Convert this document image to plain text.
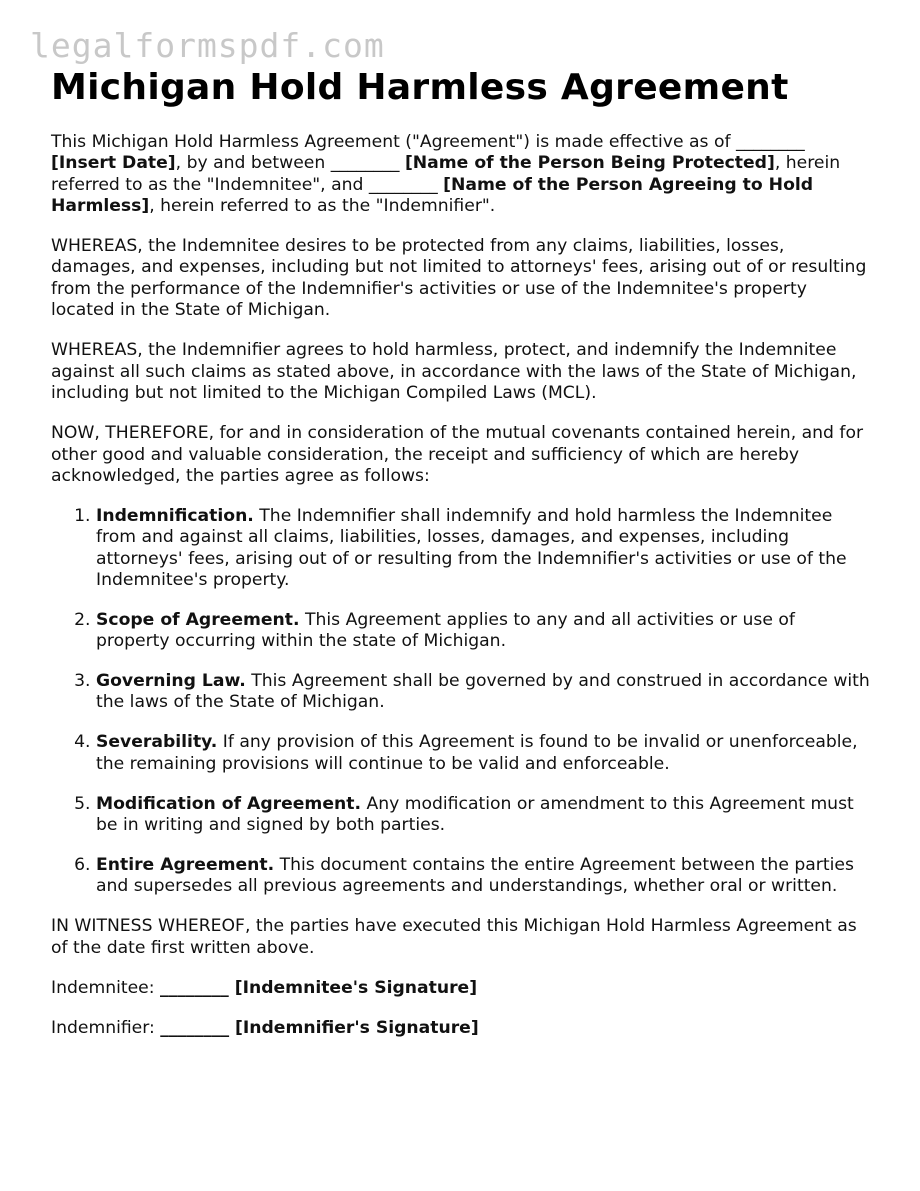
legalformspdf.com
Michigan Hold Harmless Agreement

This Michigan Hold Harmless Agreement ("Agreement") is made effective as of ________ [Insert Date], by and between ________ [Name of the Person Being Protected], herein referred to as the "Indemnitee", and ________ [Name of the Person Agreeing to Hold Harmless], herein referred to as the "Indemnifier".

WHEREAS, the Indemnitee desires to be protected from any claims, liabilities, losses, damages, and expenses, including but not limited to attorneys' fees, arising out of or resulting from the performance of the Indemnifier's activities or use of the Indemnitee's property located in the State of Michigan.

WHEREAS, the Indemnifier agrees to hold harmless, protect, and indemnify the Indemnitee against all such claims as stated above, in accordance with the laws of the State of Michigan, including but not limited to the Michigan Compiled Laws (MCL).

NOW, THEREFORE, for and in consideration of the mutual covenants contained herein, and for other good and valuable consideration, the receipt and sufficiency of which are hereby acknowledged, the parties agree as follows:

1. Indemnification. The Indemnifier shall indemnify and hold harmless the Indemnitee from and against all claims, liabilities, losses, damages, and expenses, including attorneys' fees, arising out of or resulting from the Indemnifier's activities or use of the Indemnitee's property.
2. Scope of Agreement. This Agreement applies to any and all activities or use of property occurring within the state of Michigan.
3. Governing Law. This Agreement shall be governed by and construed in accordance with the laws of the State of Michigan.
4. Severability. If any provision of this Agreement is found to be invalid or unenforceable, the remaining provisions will continue to be valid and enforceable.
5. Modification of Agreement. Any modification or amendment to this Agreement must be in writing and signed by both parties.
6. Entire Agreement. This document contains the entire Agreement between the parties and supersedes all previous agreements and understandings, whether oral or written.

IN WITNESS WHEREOF, the parties have executed this Michigan Hold Harmless Agreement as of the date first written above.

Indemnitee: ________ [Indemnitee's Signature]

Indemnifier: ________ [Indemnifier's Signature]
